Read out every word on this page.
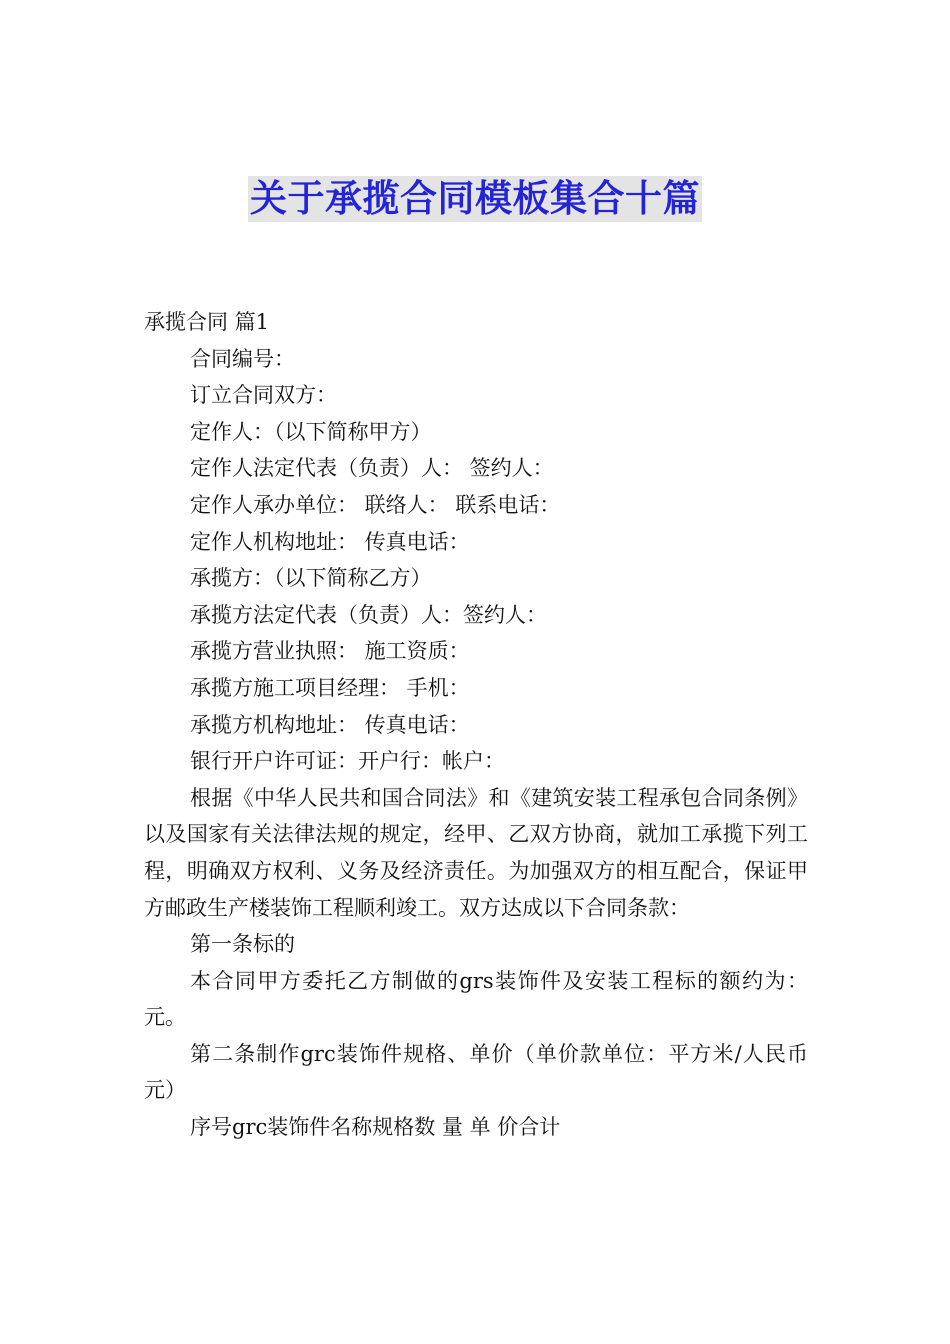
关于承揽合同模板集合十篇

承揽合同 篇1

合同编号：

订立合同双方：

定作人：（以下简称甲方）

定作人法定代表（负责）人： 签约人：

定作人承办单位： 联络人： 联系电话：

定作人机构地址： 传真电话：

承揽方：（以下简称乙方）

承揽方法定代表（负责）人：签约人：

承揽方营业执照： 施工资质：

承揽方施工项目经理： 手机：

承揽方机构地址： 传真电话：

银行开户许可证：开户行：帐户：

根据《中华人民共和国合同法》和《建筑安装工程承包合同条例》以及国家有关法律法规的规定，经甲、乙双方协商，就加工承揽下列工程，明确双方权利、义务及经济责任。为加强双方的相互配合，保证甲方邮政生产楼装饰工程顺利竣工。双方达成以下合同条款：

第一条标的

本合同甲方委托乙方制做的grs装饰件及安装工程标的额约为：元。

第二条制作grc装饰件规格、单价（单价款单位：平方米/人民币元）

序号grc装饰件名称规格数 量 单 价合计
